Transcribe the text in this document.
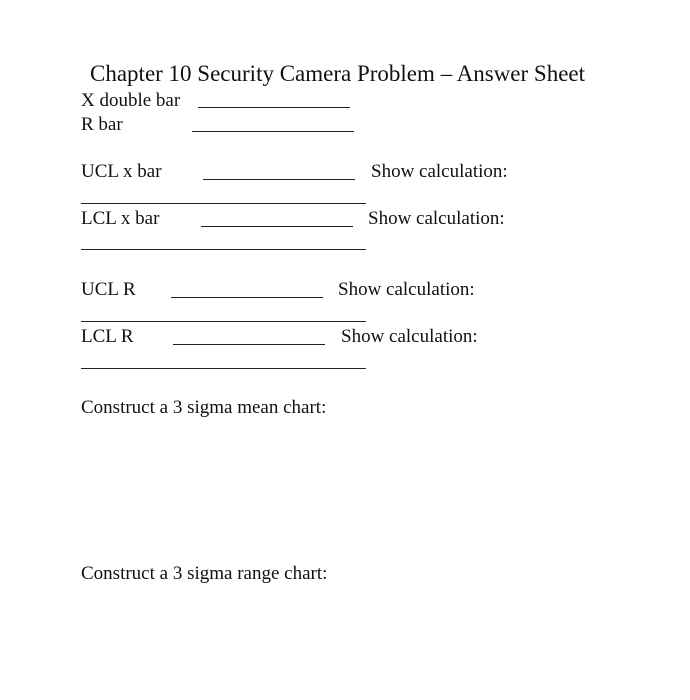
Chapter 10 Security Camera Problem – Answer Sheet
X double bar
R bar
UCL x bar	Show calculation:
LCL x bar	Show calculation:
UCL R	Show calculation:
LCL R	Show calculation:
Construct a 3 sigma mean chart:
Construct a 3 sigma range chart:
